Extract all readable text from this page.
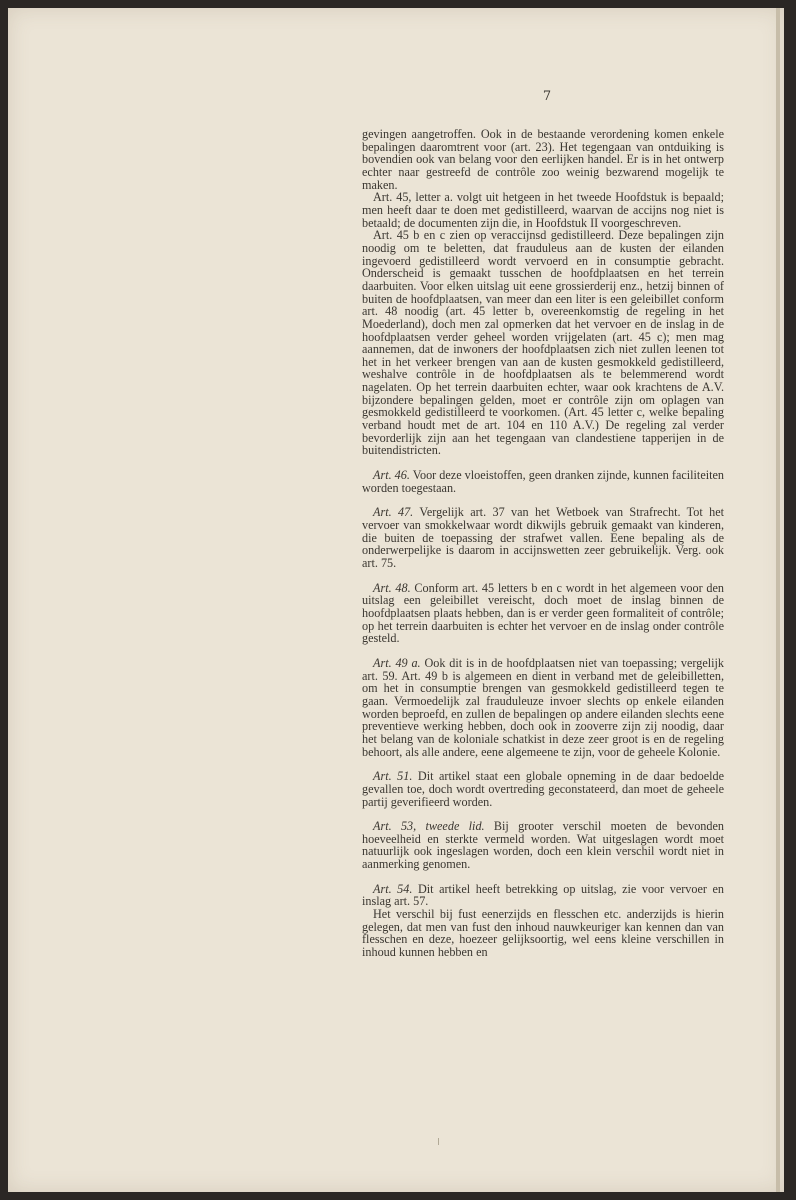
7

gevingen aangetroffen. Ook in de bestaande verordening komen enkele bepalingen daaromtrent voor (art. 23). Het tegengaan van ontduiking is bovendien ook van belang voor den eerlijken handel. Er is in het ontwerp echter naar gestreefd de contrôle zoo weinig bezwarend mogelijk te maken.

Art. 45, letter a. volgt uit hetgeen in het tweede Hoofdstuk is bepaald; men heeft daar te doen met gedistilleerd, waarvan de accijns nog niet is betaald; de documenten zijn die, in Hoofdstuk II voorgeschreven.

Art. 45 b en c zien op veraccijnsd gedistilleerd. Deze bepalingen zijn noodig om te beletten, dat frauduleus aan de kusten der eilanden ingevoerd gedistilleerd wordt vervoerd en in consumptie gebracht. Onderscheid is gemaakt tusschen de hoofdplaatsen en het terrein daarbuiten. Voor elken uitslag uit eene grossierderij enz., hetzij binnen of buiten de hoofdplaatsen, van meer dan een liter is een geleibillet conform art. 48 noodig (art. 45 letter b, overeenkomstig de regeling in het Moederland), doch men zal opmerken dat het vervoer en de inslag in de hoofdplaatsen verder geheel worden vrijgelaten (art. 45 c); men mag aannemen, dat de inwoners der hoofdplaatsen zich niet zullen leenen tot het in het verkeer brengen van aan de kusten gesmokkeld gedistilleerd, weshalve contrôle in de hoofdplaatsen als te belemmerend wordt nagelaten. Op het terrein daarbuiten echter, waar ook krachtens de A.V. bijzondere bepalingen gelden, moet er contrôle zijn om oplagen van gesmokkeld gedistilleerd te voorkomen. (Art. 45 letter c, welke bepaling verband houdt met de art. 104 en 110 A.V.) De regeling zal verder bevorderlijk zijn aan het tegengaan van clandestiene tapperijen in de buitendistricten.

Art. 46. Voor deze vloeistoffen, geen dranken zijnde, kunnen faciliteiten worden toegestaan.

Art. 47. Vergelijk art. 37 van het Wetboek van Strafrecht. Tot het vervoer van smokkelwaar wordt dikwijls gebruik gemaakt van kinderen, die buiten de toepassing der strafwet vallen. Eene bepaling als de onderwerpelijke is daarom in accijnswetten zeer gebruikelijk. Verg. ook art. 75.

Art. 48. Conform art. 45 letters b en c wordt in het algemeen voor den uitslag een geleibillet vereischt, doch moet de inslag binnen de hoofdplaatsen plaats hebben, dan is er verder geen formaliteit of contrôle; op het terrein daarbuiten is echter het vervoer en de inslag onder contrôle gesteld.

Art. 49 a. Ook dit is in de hoofdplaatsen niet van toepassing; vergelijk art. 59. Art. 49 b is algemeen en dient in verband met de geleibilletten, om het in consumptie brengen van gesmokkeld gedistilleerd tegen te gaan. Vermoedelijk zal frauduleuze invoer slechts op enkele eilanden worden beproefd, en zullen de bepalingen op andere eilanden slechts eene preventieve werking hebben, doch ook in zooverre zijn zij noodig, daar het belang van de koloniale schatkist in deze zeer groot is en de regeling behoort, als alle andere, eene algemeene te zijn, voor de geheele Kolonie.

Art. 51. Dit artikel staat een globale opneming in de daar bedoelde gevallen toe, doch wordt overtreding geconstateerd, dan moet de geheele partij geverifieerd worden.

Art. 53, tweede lid. Bij grooter verschil moeten de bevonden hoeveelheid en sterkte vermeld worden. Wat uitgeslagen wordt moet natuurlijk ook ingeslagen worden, doch een klein verschil wordt niet in aanmerking genomen.

Art. 54. Dit artikel heeft betrekking op uitslag, zie voor vervoer en inslag art. 57.

Het verschil bij fust eenerzijds en flesschen etc. anderzijds is hierin gelegen, dat men van fust den inhoud nauwkeuriger kan kennen dan van flesschen en deze, hoezeer gelijksoortig, wel eens kleine verschillen in inhoud kunnen hebben en
